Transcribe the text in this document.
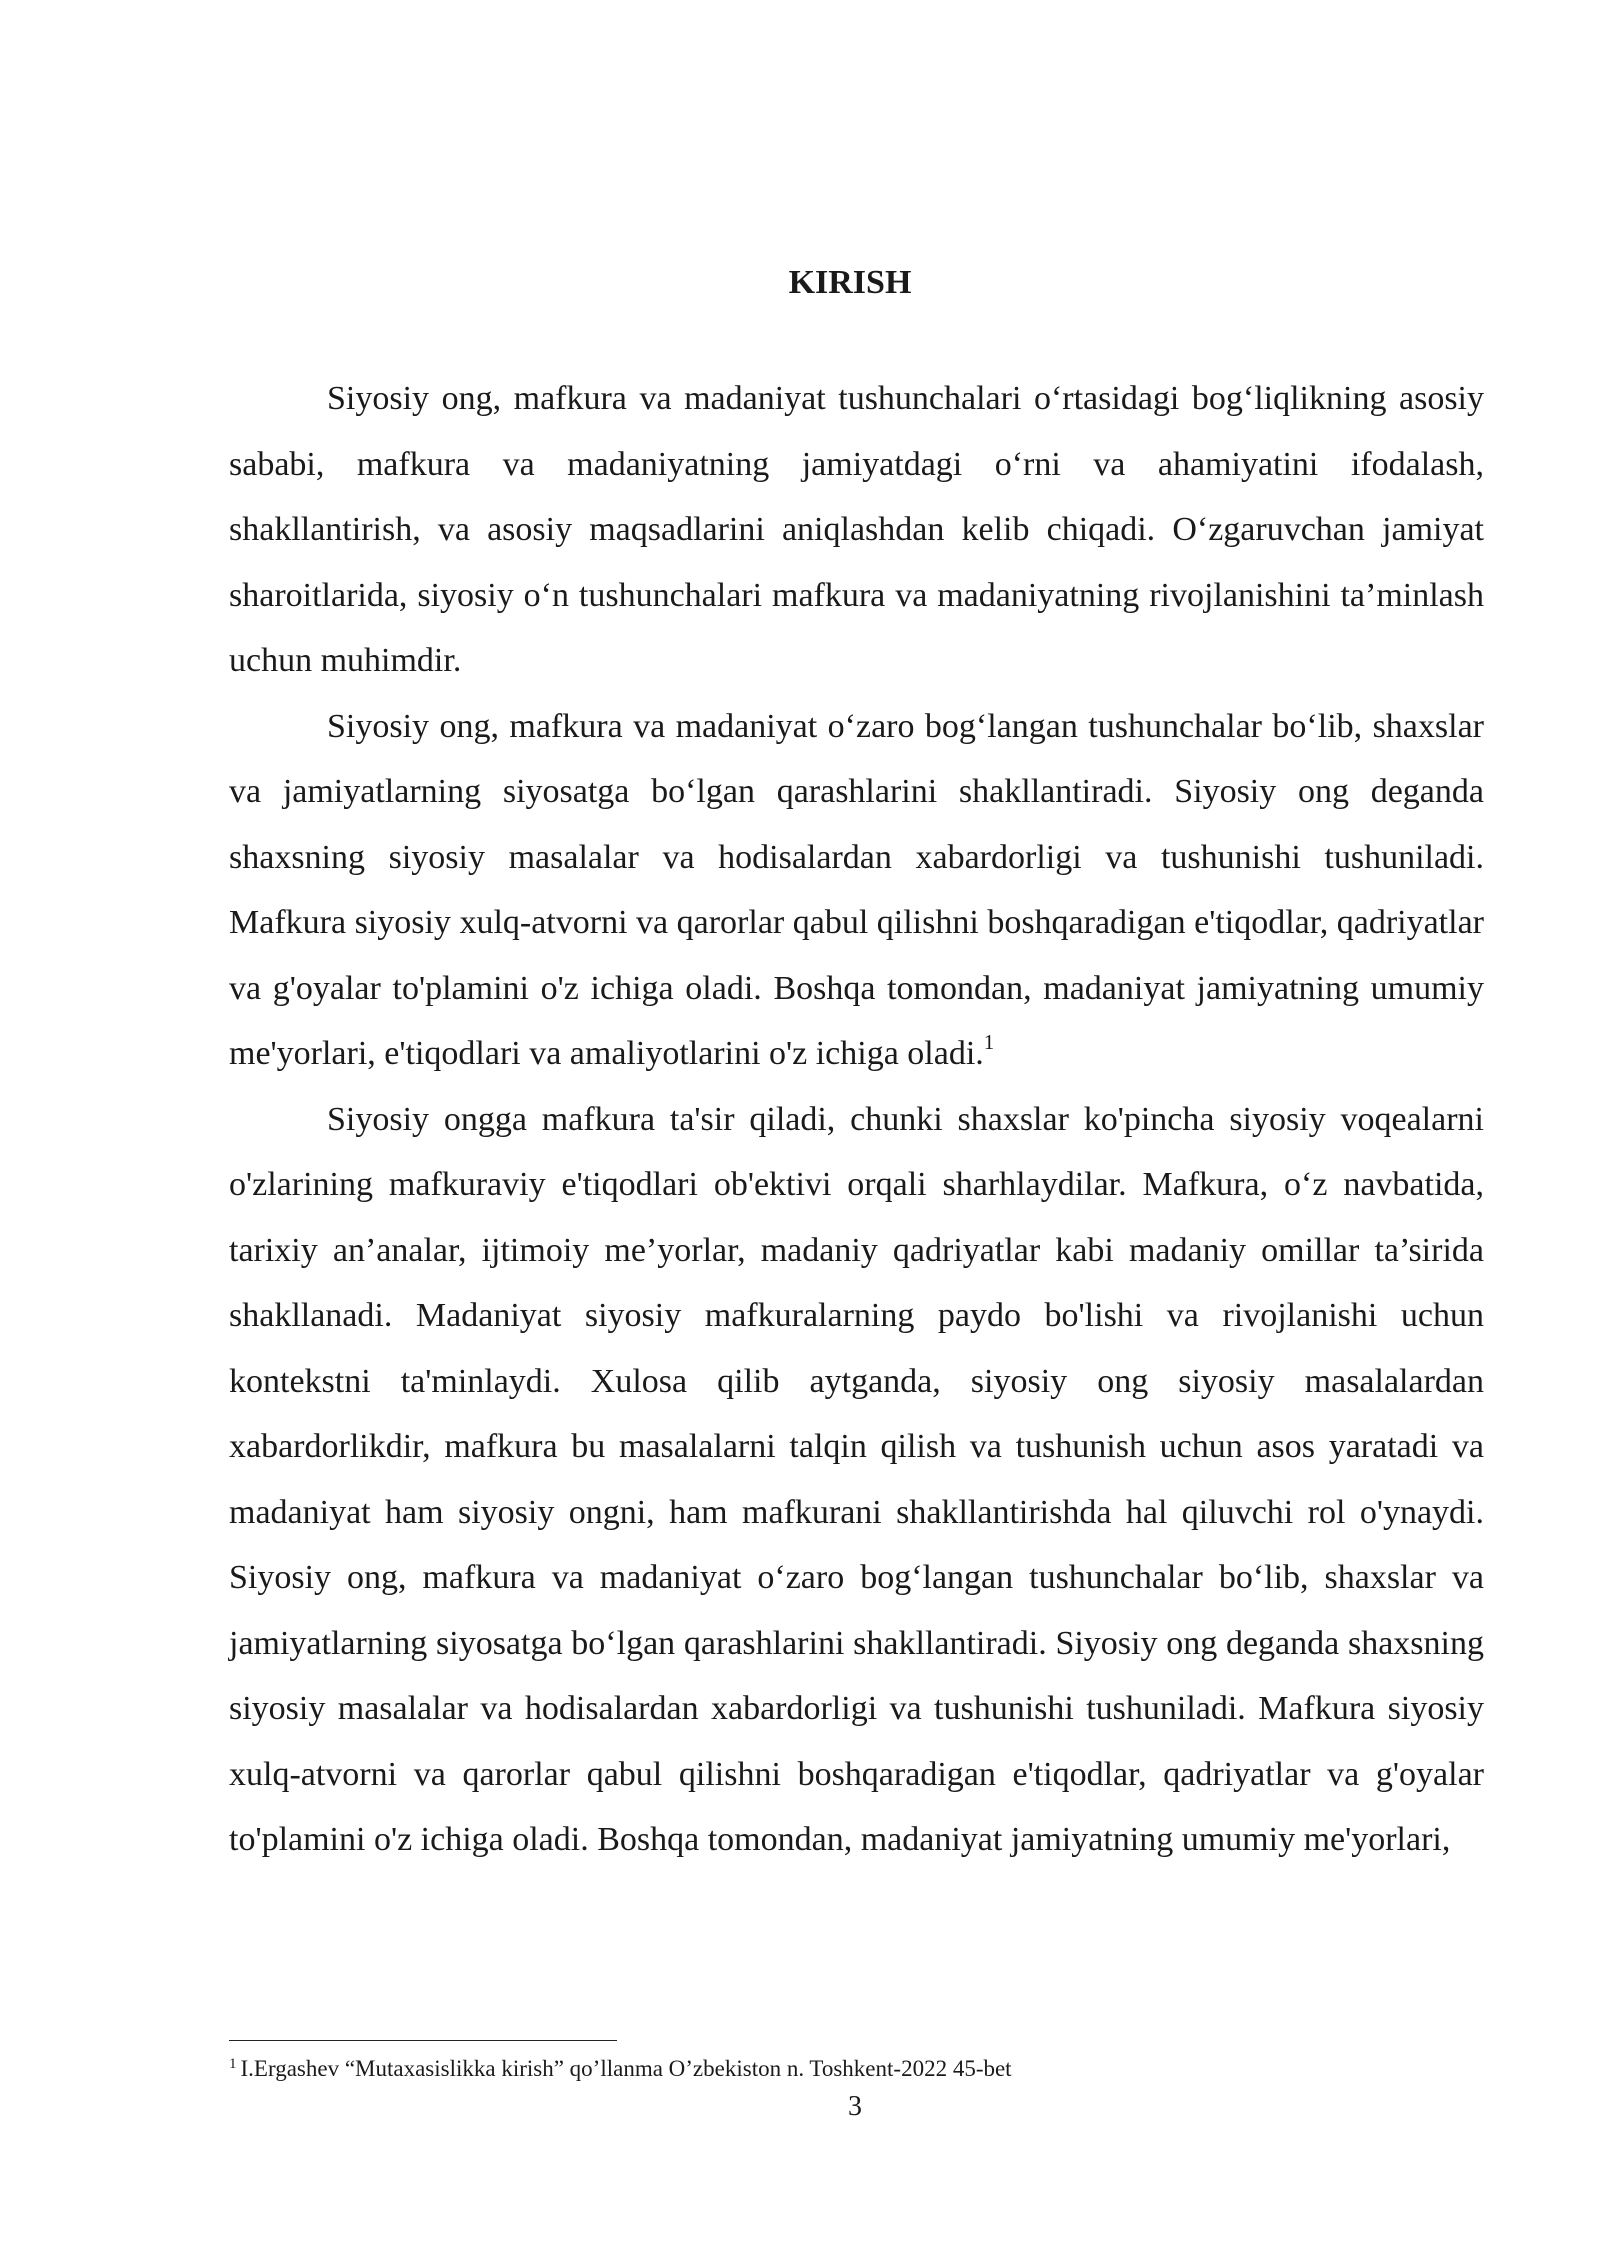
KIRISH

Siyosiy ong, mafkura va madaniyat tushunchalari o‘rtasidagi bog‘liqlikning asosiy sababi, mafkura va madaniyatning jamiyatdagi o‘rni va ahamiyatini ifodalash, shakllantirish, va asosiy maqsadlarini aniqlashdan kelib chiqadi. O‘zgaruvchan jamiyat sharoitlarida, siyosiy o‘n tushunchalari mafkura va madaniyatning rivojlanishini ta’minlash uchun muhimdir.

Siyosiy ong, mafkura va madaniyat o‘zaro bog‘langan tushunchalar bo‘lib, shaxslar va jamiyatlarning siyosatga bo‘lgan qarashlarini shakllantiradi. Siyosiy ong deganda shaxsning siyosiy masalalar va hodisalardan xabardorligi va tushunishi tushuniladi. Mafkura siyosiy xulq-atvorni va qarorlar qabul qilishni boshqaradigan e'tiqodlar, qadriyatlar va g'oyalar to'plamini o'z ichiga oladi. Boshqa tomondan, madaniyat jamiyatning umumiy me'yorlari, e'tiqodlari va amaliyotlarini o'z ichiga oladi.$^1$

Siyosiy ongga mafkura ta'sir qiladi, chunki shaxslar ko'pincha siyosiy voqealarni o'zlarining mafkuraviy e'tiqodlari ob'ektivi orqali sharhlaydilar. Mafkura, o‘z navbatida, tarixiy an’analar, ijtimoiy me’yorlar, madaniy qadriyatlar kabi madaniy omillar ta’sirida shakllanadi. Madaniyat siyosiy mafkuralarning paydo bo'lishi va rivojlanishi uchun kontekstni ta'minlaydi. Xulosa qilib aytganda, siyosiy ong siyosiy masalalardan xabardorlikdir, mafkura bu masalalarni talqin qilish va tushunish uchun asos yaratadi va madaniyat ham siyosiy ongni, ham mafkurani shakllantirishda hal qiluvchi rol o'ynaydi. Siyosiy ong, mafkura va madaniyat o‘zaro bog‘langan tushunchalar bo‘lib, shaxslar va jamiyatlarning siyosatga bo‘lgan qarashlarini shakllantiradi. Siyosiy ong deganda shaxsning siyosiy masalalar va hodisalardan xabardorligi va tushunishi tushuniladi. Mafkura siyosiy xulq-atvorni va qarorlar qabul qilishni boshqaradigan e'tiqodlar, qadriyatlar va g'oyalar to'plamini o'z ichiga oladi. Boshqa tomondan, madaniyat jamiyatning umumiy me'yorlari,

$^1$ I.Ergashev “Mutaxasislikka kirish” qo’llanma O’zbekiston n. Toshkent-2022 45-bet
3
